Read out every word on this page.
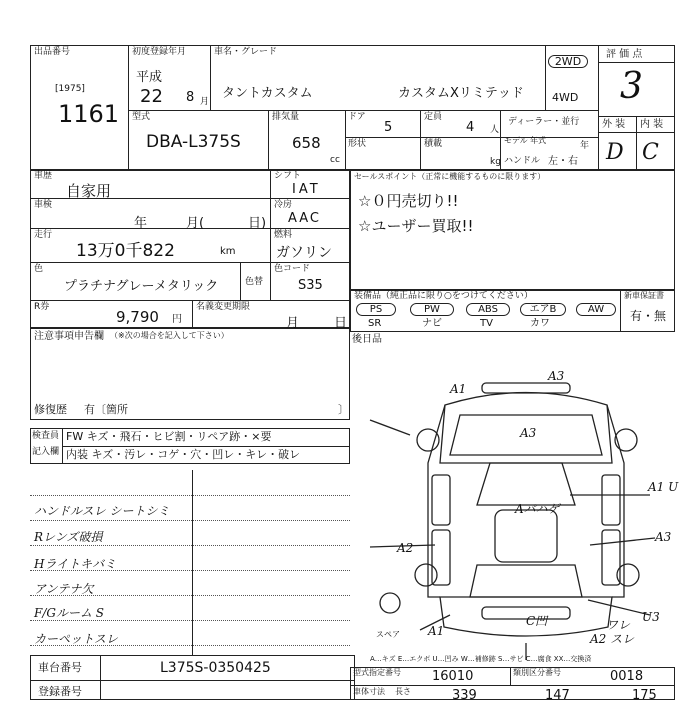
出品番号
[1975]
1161
初度登録年月
平成
22 8 月
車名・グレード
タントカスタム	カスタムXリミテッド
2WD
4WD
評 価 点
3
型式
DBA-L375S
排気量
658
cc
ドア
5
定員
4 人
形状	積載
kg
ディーラー・並行
モデル 年式
年
ハンドル 左・右
外 装 内 装
D C
車歴
自家用
車検
年	月(	日)
走行
13万0千822	km
色
プラチナグレーメタリック	色替
シフト
IAT
冷房
AAC
燃料
ガソリン
色コード
S35
R券
9,790 円
名義変更期限
月	日
セールスポイント（正常に機能するものに限ります）
☆０円売切り!!
☆ユーザー買取!!
装備品（純正品に限り○をつけてください）	新車保証書
有・無
PS	PW	ABS	エアB	AW
SR	ナビ	TV	カワ
後日品
注意事項申告欄 （※次の場合を記入して下さい）
修復歴 有〔箇所	〕
検査員
記入欄
FW キズ・飛石・ヒビ割・リペア跡・×要
内装 キズ・汚レ・コゲ・穴・凹レ・キレ・破レ
ハンドルスレ シートシミ
Rレンズ破損
Hライトキバミ
アンテナ欠
F/Gルーム S
カーペットスレ
A1
A3
A3
Aパハゲ
A1 U
A3
A2
U3
A1
C凹
A2 スレ
ワレ
スペア
A…キズ E…エクボ U…凹み W…補修跡 S…サビ C…腐食 XX…交換済
車台番号	L375S-0350425
登録番号
型式指定番号 16010	類別区分番号	0018
車体寸法 長さ	339	147	175
